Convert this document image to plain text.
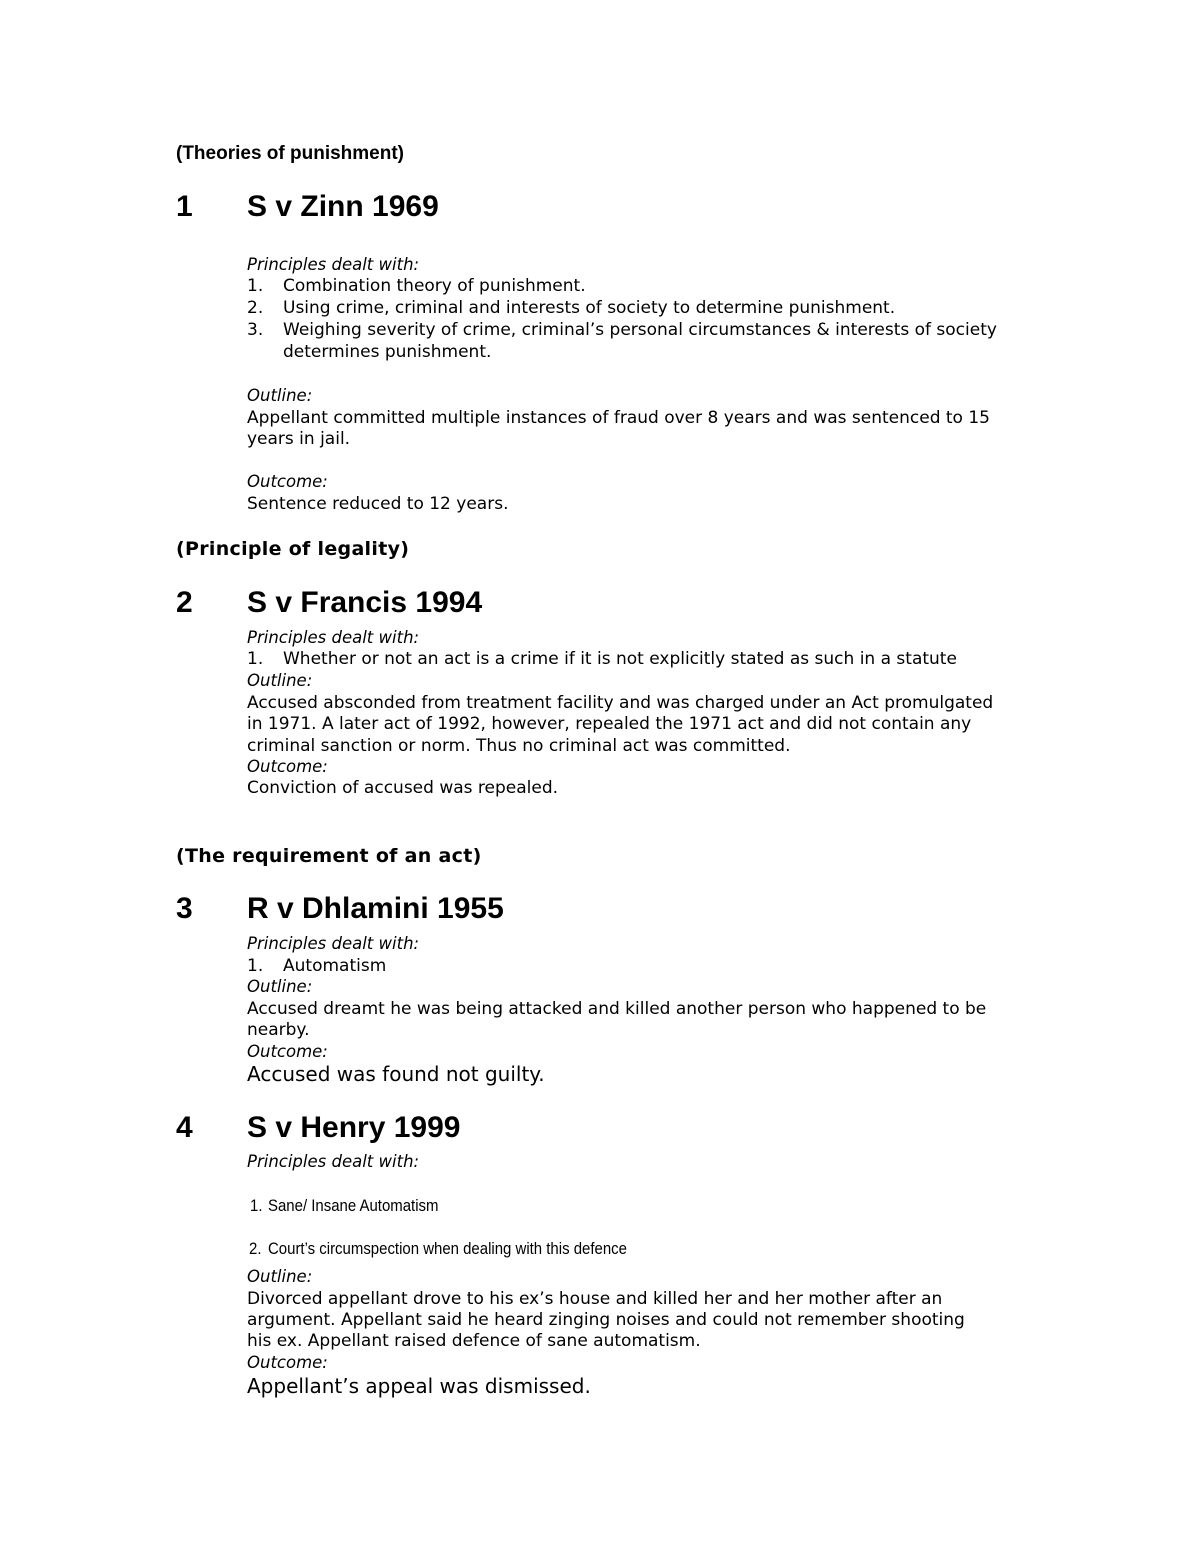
(Theories of punishment)
1 S v Zinn 1969
Principles dealt with:
1. Combination theory of punishment.
2. Using crime, criminal and interests of society to determine punishment.
3. Weighing severity of crime, criminal’s personal circumstances & interests of society
determines punishment.
Outline:
Appellant committed multiple instances of fraud over 8 years and was sentenced to 15
years in jail.
Outcome:
Sentence reduced to 12 years.
(Principle of legality)
2 S v Francis 1994
Principles dealt with:
1. Whether or not an act is a crime if it is not explicitly stated as such in a statute
Outline:
Accused absconded from treatment facility and was charged under an Act promulgated
in 1971. A later act of 1992, however, repealed the 1971 act and did not contain any
criminal sanction or norm. Thus no criminal act was committed.
Outcome:
Conviction of accused was repealed.
(The requirement of an act)
3 R v Dhlamini 1955
Principles dealt with:
1. Automatism
Outline:
Accused dreamt he was being attacked and killed another person who happened to be
nearby.
Outcome:
Accused was found not guilty.
4 S v Henry 1999
Principles dealt with:
1. Sane/ Insane Automatism
2. Court’s circumspection when dealing with this defence
Outline:
Divorced appellant drove to his ex’s house and killed her and her mother after an
argument. Appellant said he heard zinging noises and could not remember shooting
his ex. Appellant raised defence of sane automatism.
Outcome:
Appellant’s appeal was dismissed.
